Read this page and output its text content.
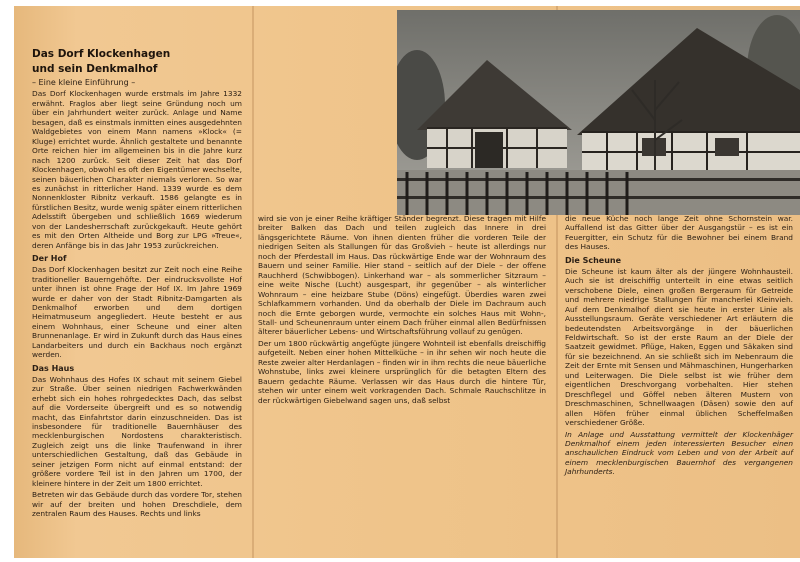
Das Dorf Klockenhagen

und sein Denkmalhof

– Eine kleine Einführung –

Das Dorf Klockenhagen wurde erstmals im Jahre 1332 erwähnt. Fraglos aber liegt seine Gründung noch um über ein Jahrhundert weiter zurück. Anlage und Name besagen, daß es einstmals inmitten eines ausgedehnten Waldgebietes von einem Mann namens »Klock« (= Kluge) errichtet wurde. Ähnlich gestaltete und benannte Orte reichen hier im allgemeinen bis in die Jahre kurz nach 1200 zurück. Seit dieser Zeit hat das Dorf Klockenhagen, obwohl es oft den Eigentümer wechselte, seinen bäuerlichen Charakter niemals verloren. So war es zunächst in ritterlicher Hand. 1339 wurde es dem Nonnenkloster Ribnitz verkauft. 1586 gelangte es in fürstlichen Besitz, wurde wenig später einem ritterlichen Adelsstift übergeben und schließlich 1669 wiederum von der Landesherrschaft zurückgekauft. Heute gehört es mit den Orten Altheide und Borg zur LPG »Treue«, deren Anfänge bis in das Jahr 1953 zurückreichen.

Der Hof

Das Dorf Klockenhagen besitzt zur Zeit noch eine Reihe traditioneller Bauerngehöfte. Der eindrucksvollste Hof unter ihnen ist ohne Frage der Hof IX. Im Jahre 1969 wurde er daher von der Stadt Ribnitz-Damgarten als Denkmalhof erworben und dem dortigen Heimatmuseum angegliedert. Heute besteht er aus einem Wohnhaus, einer Scheune und einer alten Brunnenanlage. Er wird in Zukunft durch das Haus eines Landarbeiters und durch ein Backhaus noch ergänzt werden.

Das Haus

Das Wohnhaus des Hofes IX schaut mit seinem Giebel zur Straße. Über seinen niedrigen Fachwerkwänden erhebt sich ein hohes rohrgedecktes Dach, das selbst auf die Vorderseite übergreift und es so notwendig macht, das Einfahrtstor darin einzuschneiden. Das ist insbesondere für traditionelle Bauernhäuser des mecklenburgischen Nordostens charakteristisch. Zugleich zeigt uns die linke Traufenwand in ihrer unterschiedlichen Gestaltung, daß das Gebäude in seiner jetzigen Form nicht auf einmal entstand: der größere vordere Teil ist in den Jahren um 1700, der kleinere hintere in der Zeit um 1800 errichtet.

Betreten wir das Gebäude durch das vordere Tor, stehen wir auf der breiten und hohen Dreschdiele, dem zentralen Raum des Hauses. Rechts und links

wird sie von je einer Reihe kräftiger Ständer begrenzt. Diese tragen mit Hilfe breiter Balken das Dach und teilen zugleich das Innere in drei längsgerichtete Räume. Von ihnen dienten früher die vorderen Teile der niedrigen Seiten als Stallungen für das Großvieh – heute ist allerdings nur noch der Pferdestall im Haus. Das rückwärtige Ende war der Wohnraum des Bauern und seiner Familie. Hier stand – seitlich auf der Diele – der offene Rauchherd (Schwibbogen). Linkerhand war – als sommerlicher Sitzraum – eine weite Nische (Lucht) ausgespart, ihr gegenüber – als winterlicher Wohnraum – eine heizbare Stube (Döns) eingefügt. Überdies waren zwei Schlafkammern vorhanden. Und da oberhalb der Diele im Dachraum auch noch die Ernte geborgen wurde, vermochte ein solches Haus mit Wohn-, Stall- und Scheunenraum unter einem Dach früher einmal allen Bedürfnissen älterer bäuerlicher Lebens- und Wirtschaftsführung vollauf zu genügen.

Der um 1800 rückwärtig angefügte jüngere Wohnteil ist ebenfalls dreischiffig aufgeteilt. Neben einer hohen Mittelküche – in ihr sehen wir noch heute die Reste zweier alter Herdanlagen – finden wir in ihm rechts die neue bäuerliche Wohnstube, links zwei kleinere ursprünglich für die betagten Eltern des Bauern gedachte Räume. Verlassen wir das Haus durch die hintere Tür, stehen wir unter einem weit vorkragenden Dach. Schmale Rauchschlitze in der rückwärtigen Giebelwand sagen uns, daß selbst

die neue Küche noch lange Zeit ohne Schornstein war. Auffallend ist das Gitter über der Ausgangstür – es ist ein Feuergitter, ein Schutz für die Bewohner bei einem Brand des Hauses.

Die Scheune

Die Scheune ist kaum älter als der jüngere Wohnhausteil. Auch sie ist dreischiffig unterteilt in eine etwas seitlich verschobene Diele, einen großen Bergeraum für Getreide und mehrere niedrige Stallungen für mancherlei Kleinvieh. Auf dem Denkmalhof dient sie heute in erster Linie als Ausstellungsraum. Geräte verschiedener Art erläutern die bedeutendsten Arbeitsvorgänge in der bäuerlichen Feldwirtschaft. So ist der erste Raum an der Diele der Saatzeit gewidmet. Pflüge, Haken, Eggen und Säkaken sind für sie bezeichnend. An sie schließt sich im Nebenraum die Zeit der Ernte mit Sensen und Mähmaschinen, Hungerharken und Leiterwagen. Die Diele selbst ist wie früher dem eigentlichen Dreschvorgang vorbehalten. Hier stehen Dreschflegel und Göffel neben älteren Mustern von Dreschmaschinen, Schnellwaagen (Däsen) sowie den auf allen Höfen früher einmal üblichen Scheffelmaßen verschiedener Größe.

In Anlage und Ausstattung vermittelt der Klockenhäger Denkmalhof einem jeden interessierten Besucher einen anschaulichen Eindruck vom Leben und von der Arbeit auf einem mecklenburgischen Bauernhof des vergangenen Jahrhunderts.
